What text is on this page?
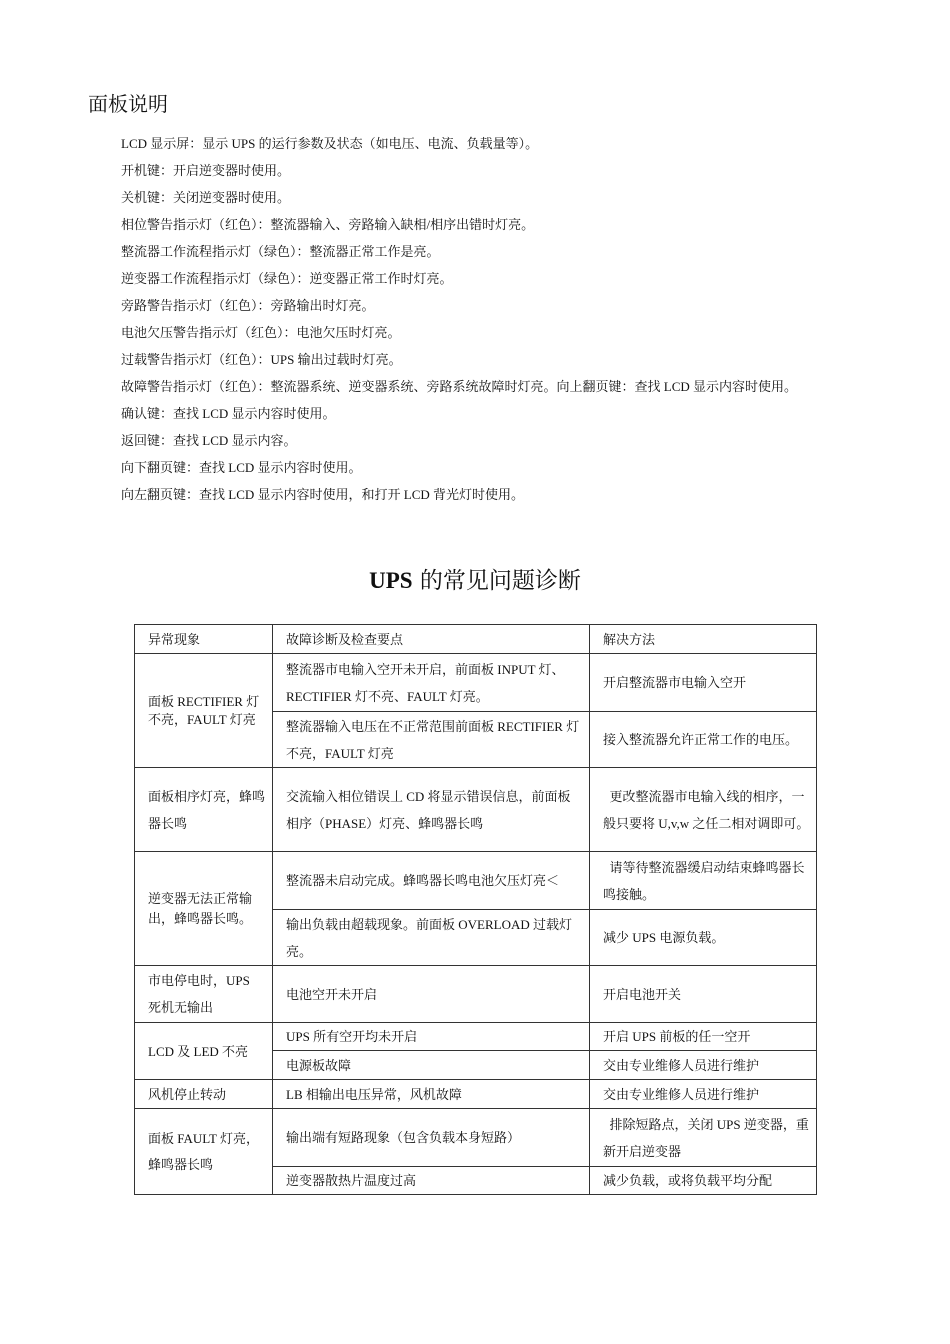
面板说明
LCD 显示屏：显示 UPS 的运行参数及状态（如电压、电流、负载量等）。
开机键：开启逆变器时使用。
关机键：关闭逆变器时使用。
相位警告指示灯（红色）：整流器输入、旁路输入缺相/相序出错时灯亮。
整流器工作流程指示灯（绿色）：整流器正常工作是亮。
逆变器工作流程指示灯（绿色）：逆变器正常工作时灯亮。
旁路警告指示灯（红色）：旁路输出时灯亮。
电池欠压警告指示灯（红色）：电池欠压时灯亮。
过载警告指示灯（红色）：UPS 输出过载时灯亮。
故障警告指示灯（红色）：整流器系统、逆变器系统、旁路系统故障时灯亮。向上翻页键：查找 LCD 显示内容时使用。
确认键：查找 LCD 显示内容时使用。
返回键：查找 LCD 显示内容。
向下翻页键：查找 LCD 显示内容时使用。
向左翻页键：查找 LCD 显示内容时使用，和打开 LCD 背光灯时使用。
UPS 的常见问题诊断
异常现象	故障诊断及检查要点	解决方法
面板 RECTIFIER 灯不亮，FAULT 灯亮	整流器市电输入空开未开启，前面板 INPUT 灯、RECTIFIER 灯不亮、FAULT 灯亮。	开启整流器市电输入空开
	整流器输入电压在不正常范围前面板 RECTIFIER 灯不亮，FAULT 灯亮	接入整流器允许正常工作的电压。
面板相序灯亮，蜂鸣器长鸣	交流输入相位错误丄 CD 将显示错误信息，前面板相序（PHASE）灯亮、蜂鸣器长鸣	更改整流器市电输入线的相序，一般只要将 U,v,w 之任二相对调即可。
逆变器无法正常输出，蜂鸣器长鸣。	整流器未启动完成。蜂鸣器长鸣电池欠压灯亮＜	请等待整流器缓启动结束蜂鸣器长鸣接触。
	输出负载由超载现象。前面板 OVERLOAD 过载灯亮。	减少 UPS 电源负载。
市电停电时，UPS 死机无输出	电池空开未开启	开启电池开关
LCD 及 LED 不亮	UPS 所有空开均未开启	开启 UPS 前板的任一空开
	电源板故障	交由专业维修人员进行维护
风机停止转动	LB 相输出电压异常，风机故障	交由专业维修人员进行维护

面板 FAULT 灯亮，
蜂鸣器长鸣	输出端有短路现象（包含负载本身短路）	排除短路点，关闭 UPS 逆变器，重新开启逆变器
	逆变器散热片温度过高	减少负载，或将负载平均分配
